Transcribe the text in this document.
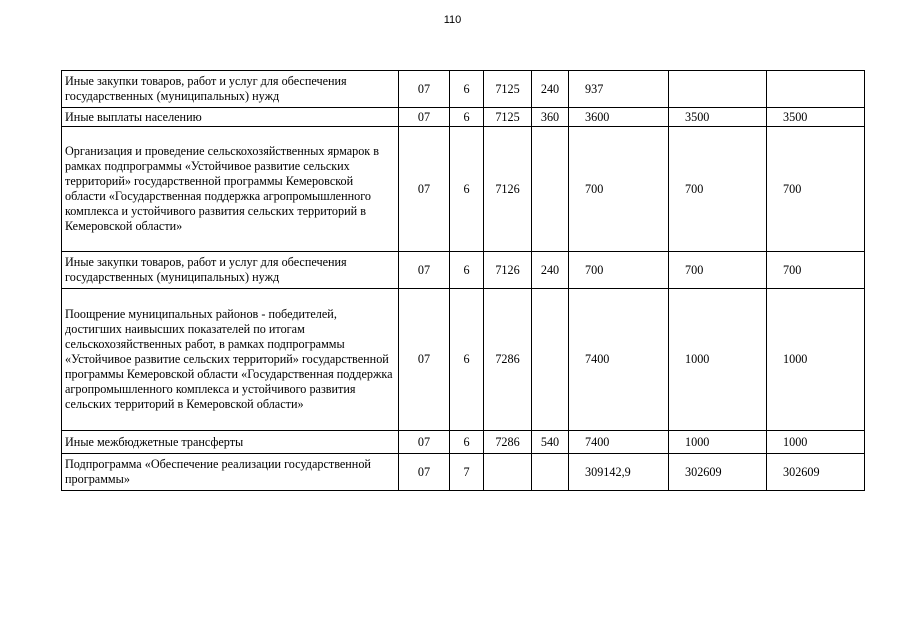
110
Иные закупки товаров, работ и услуг для обеспечения государственных (муниципальных) нужд	07	6	7125	240	937		
Иные выплаты населению	07	6	7125	360	3600	3500	3500
Организация и проведение сельскохозяйственных ярмарок в рамках подпрограммы «Устойчивое развитие сельских территорий» государственной программы Кемеровской области «Государственная поддержка агропромышленного комплекса и устойчивого развития сельских территорий в Кемеровской области»	07	6	7126		700	700	700
Иные закупки товаров, работ и услуг для обеспечения государственных (муниципальных) нужд	07	6	7126	240	700	700	700
Поощрение муниципальных районов - победителей, достигших наивысших показателей по итогам сельскохозяйственных работ, в рамках подпрограммы «Устойчивое развитие сельских территорий» государственной программы Кемеровской области «Государственная поддержка агропромышленного комплекса и устойчивого развития сельских территорий в Кемеровской области»	07	6	7286		7400	1000	1000
Иные межбюджетные трансферты	07	6	7286	540	7400	1000	1000
Подпрограмма «Обеспечение реализации государственной программы»	07	7			309142,9	302609	302609
